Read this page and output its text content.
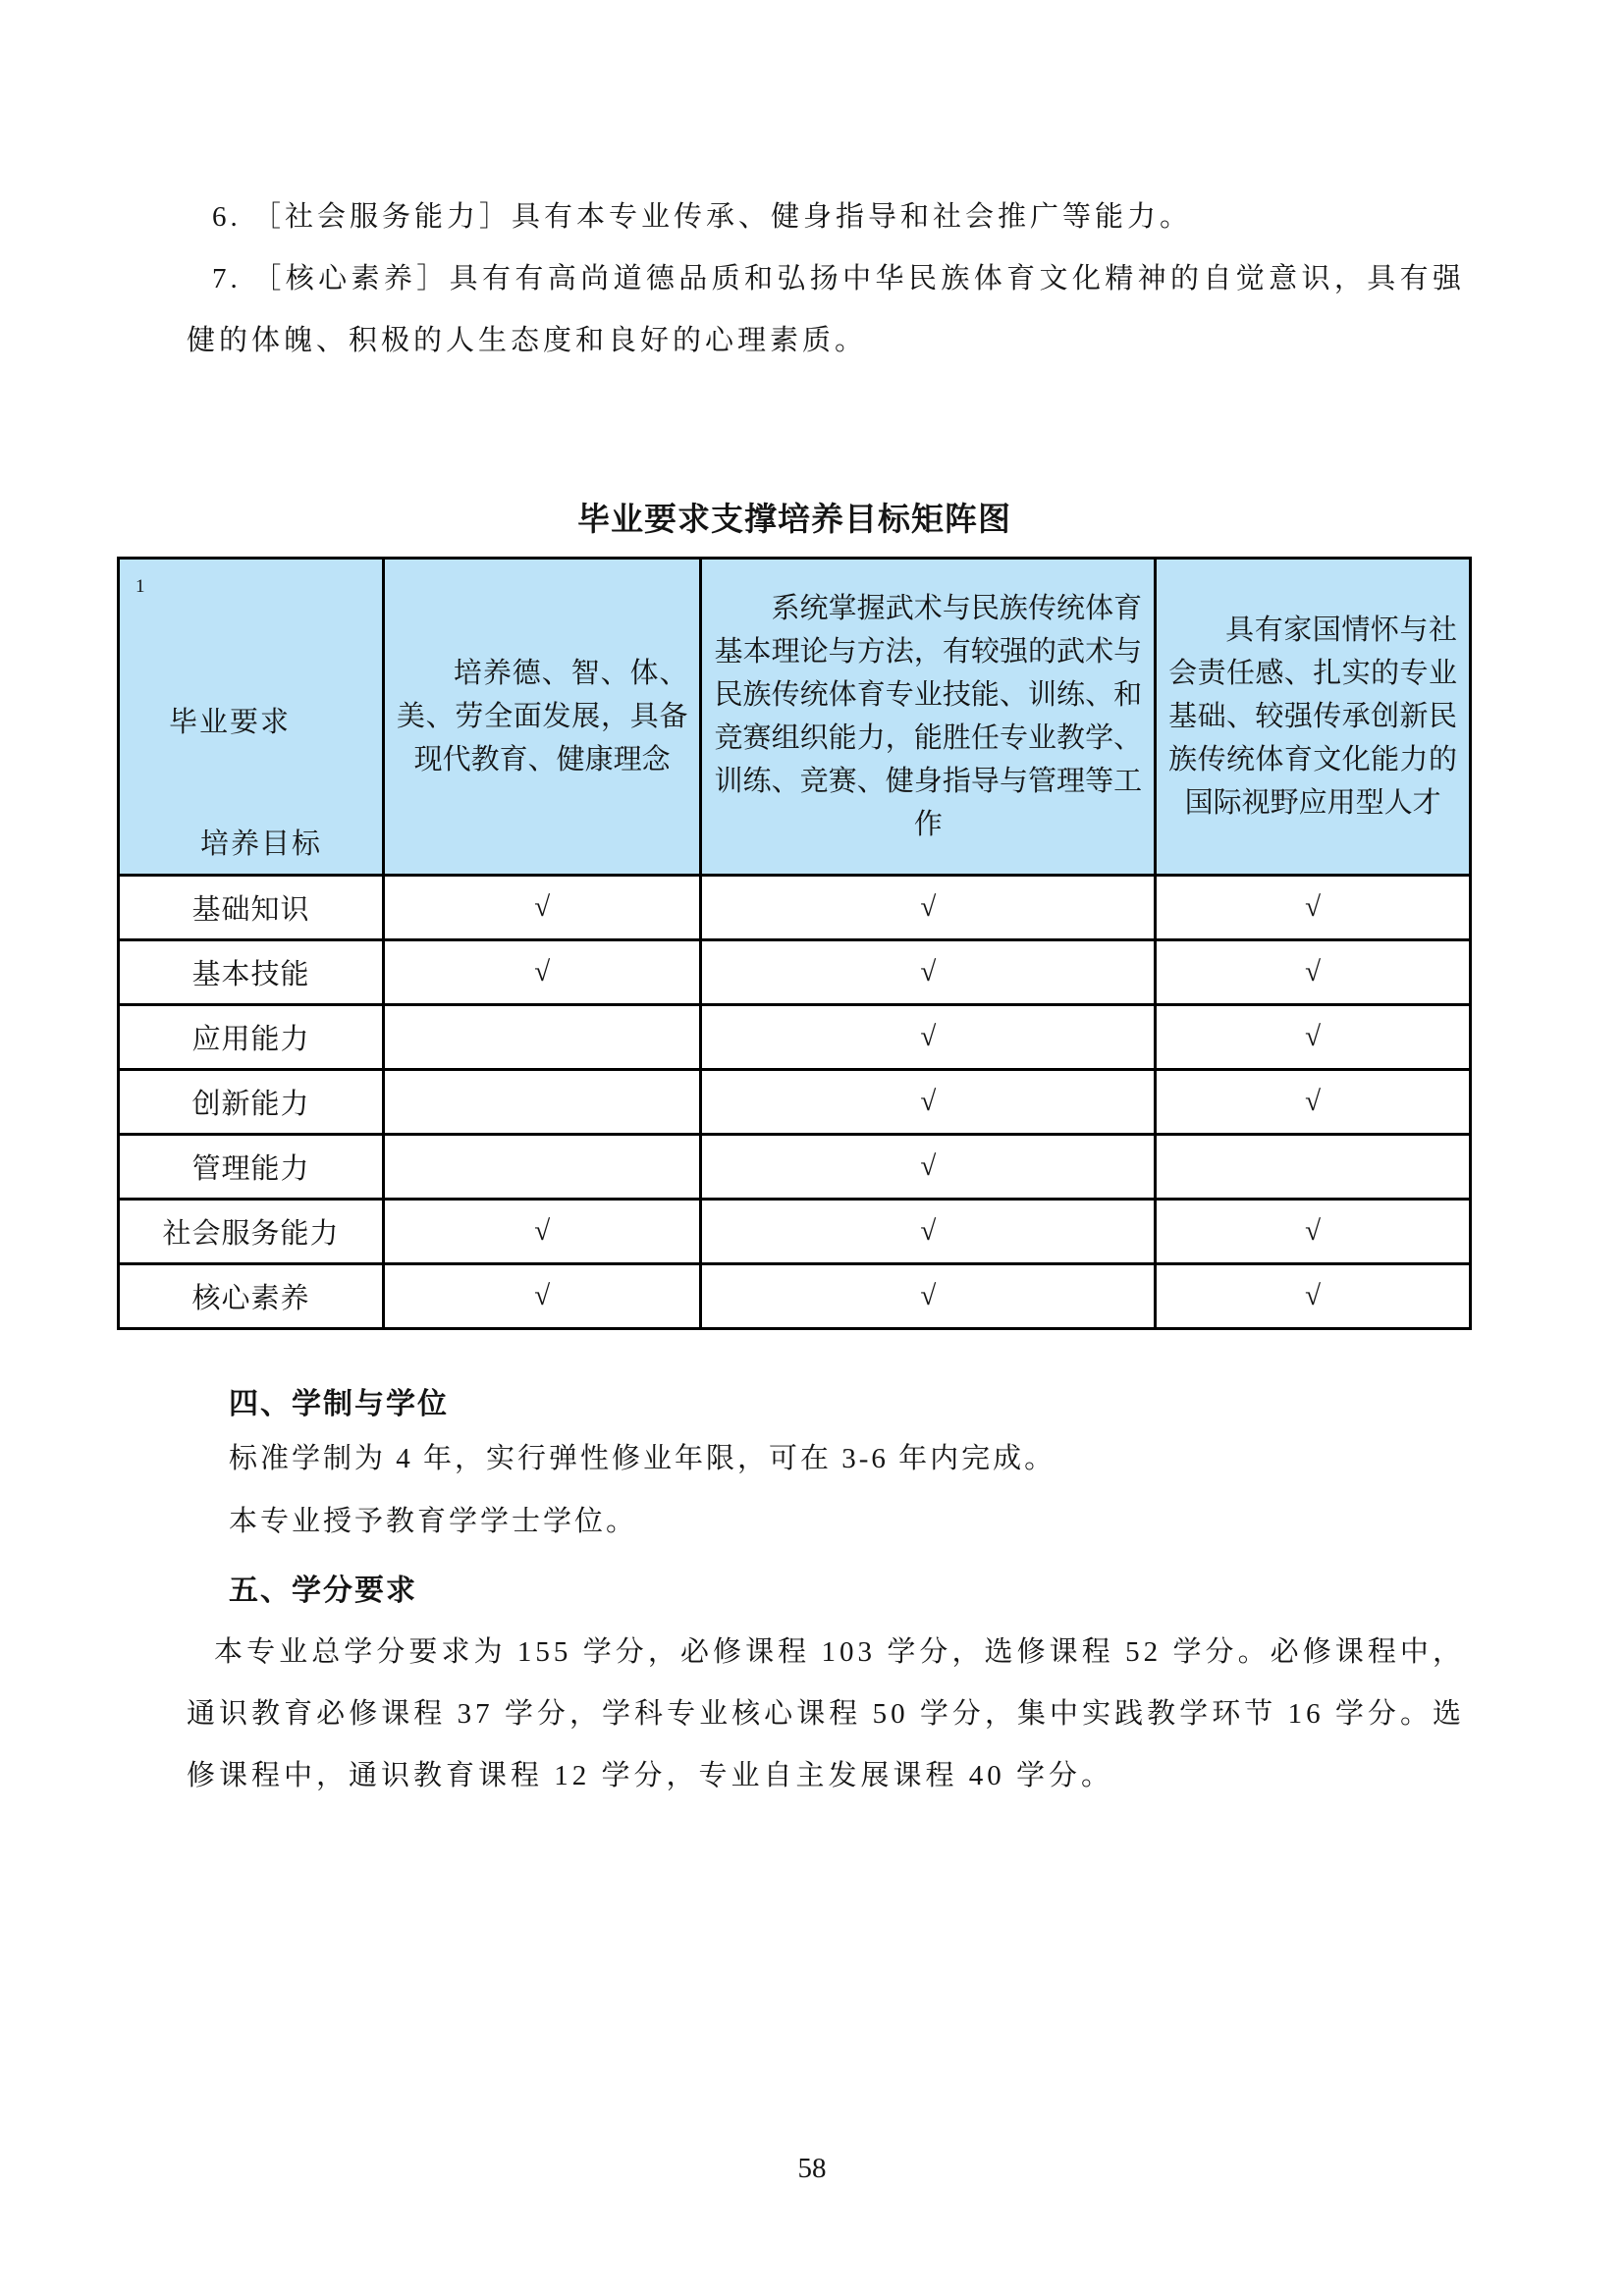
6. ［社会服务能力］具有本专业传承、健身指导和社会推广等能力。

7. ［核心素养］具有有高尚道德品质和弘扬中华民族体育文化精神的自觉意识，具有强健的体魄、积极的人生态度和良好的心理素质。

毕业要求支撑培养目标矩阵图
1
毕业要求
培养目标	培养德、智、体、美、劳全面发展，具备现代教育、健康理念	系统掌握武术与民族传统体育基本理论与方法，有较强的武术与民族传统体育专业技能、训练、和竞赛组织能力，能胜任专业教学、训练、竞赛、健身指导与管理等工作	具有家国情怀与社会责任感、扎实的专业基础、较强传承创新民族传统体育文化能力的国际视野应用型人才
基础知识	√	√	√
基本技能	√	√	√
应用能力		√	√
创新能力		√	√
管理能力		√	
社会服务能力	√	√	√
核心素养	√	√	√
四、学制与学位

标准学制为 4 年，实行弹性修业年限，可在 3-6 年内完成。

本专业授予教育学学士学位。

五、学分要求

本专业总学分要求为 155 学分，必修课程 103 学分，选修课程 52 学分。必修课程中，通识教育必修课程 37 学分，学科专业核心课程 50 学分，集中实践教学环节 16 学分。选修课程中，通识教育课程 12 学分，专业自主发展课程 40 学分。

58
